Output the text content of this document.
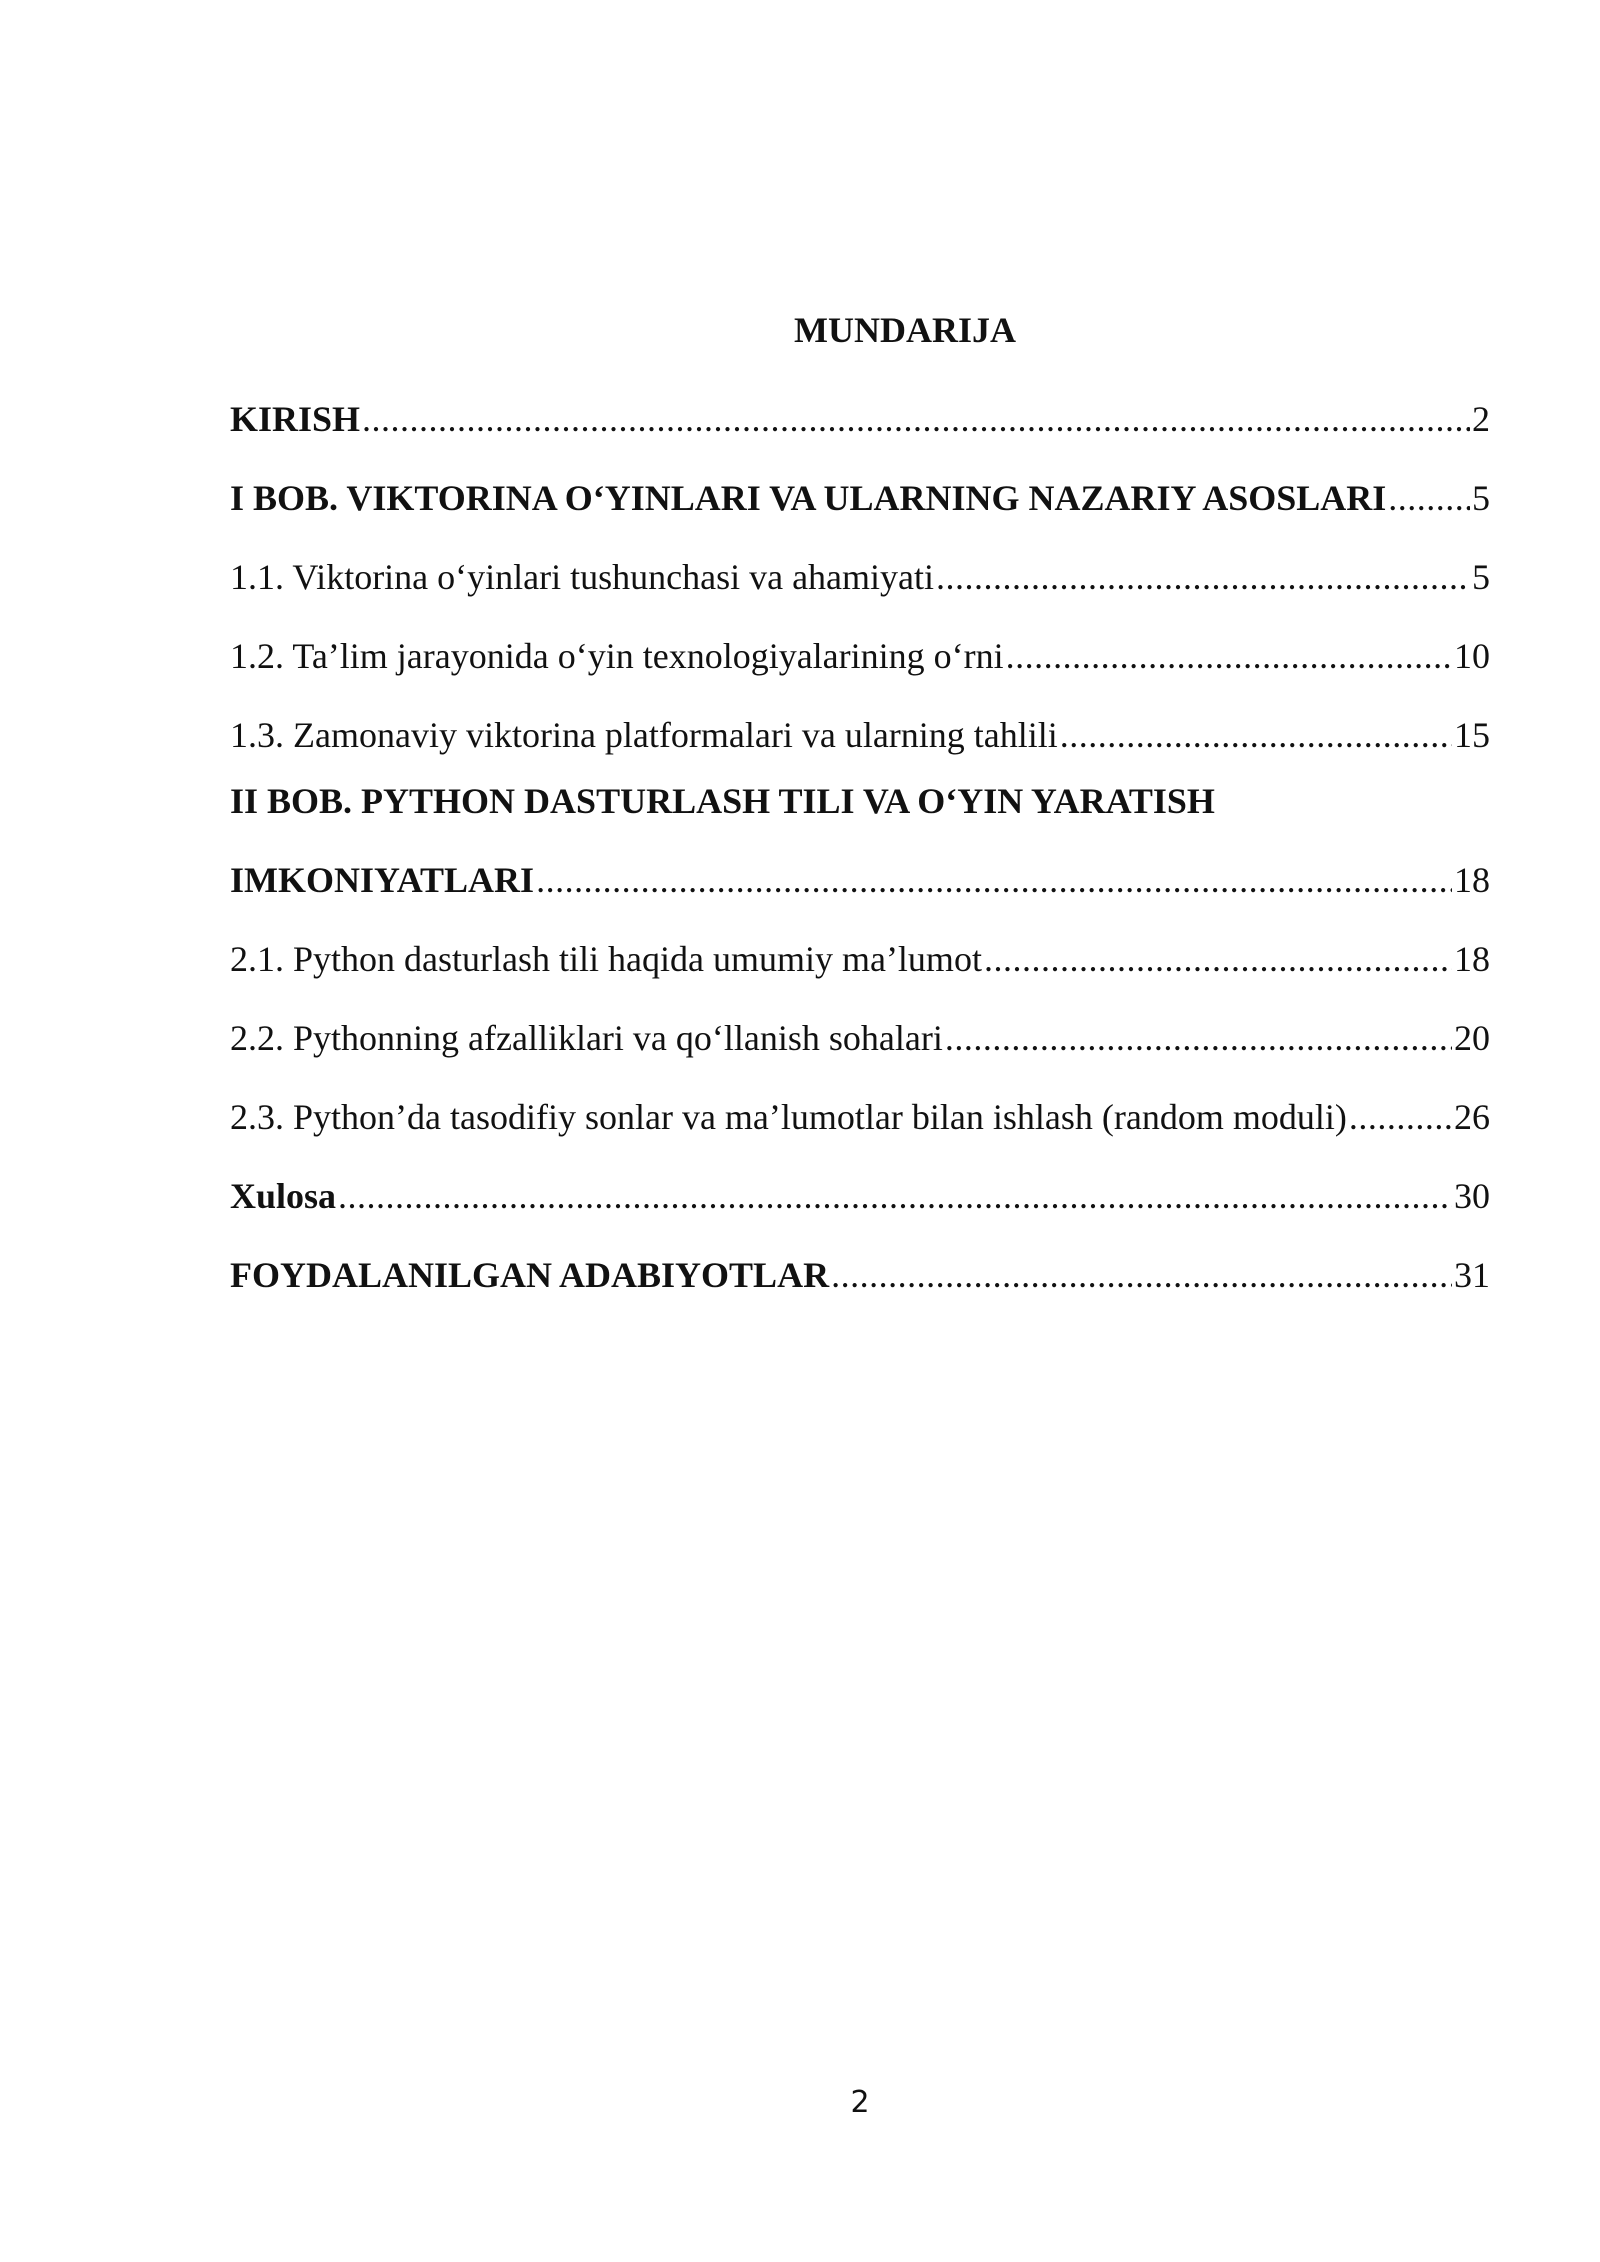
MUNDARIJA
KIRISH .....	2
I BOB. VIKTORINA O‘YINLARI VA ULARNING NAZARIY ASOSLARI ..... 5
1.1. Viktorina o‘yinlari tushunchasi va ahamiyati .....	5
1.2. Ta’lim jarayonida o‘yin texnologiyalarining o‘rni .....	10
1.3. Zamonaviy viktorina platformalari va ularning tahlili .....	15
II BOB. PYTHON DASTURLASH TILI VA O‘YIN YARATISH
IMKONIYATLARI .....	18
2.1. Python dasturlash tili haqida umumiy ma’lumot .....	18
2.2. Pythonning afzalliklari va qo‘llanish sohalari .....	20
2.3. Python’da tasodifiy sonlar va ma’lumotlar bilan ishlash (random moduli) .....	26
Xulosa .....	30
FOYDALANILGAN ADABIYOTLAR .....	31
2
